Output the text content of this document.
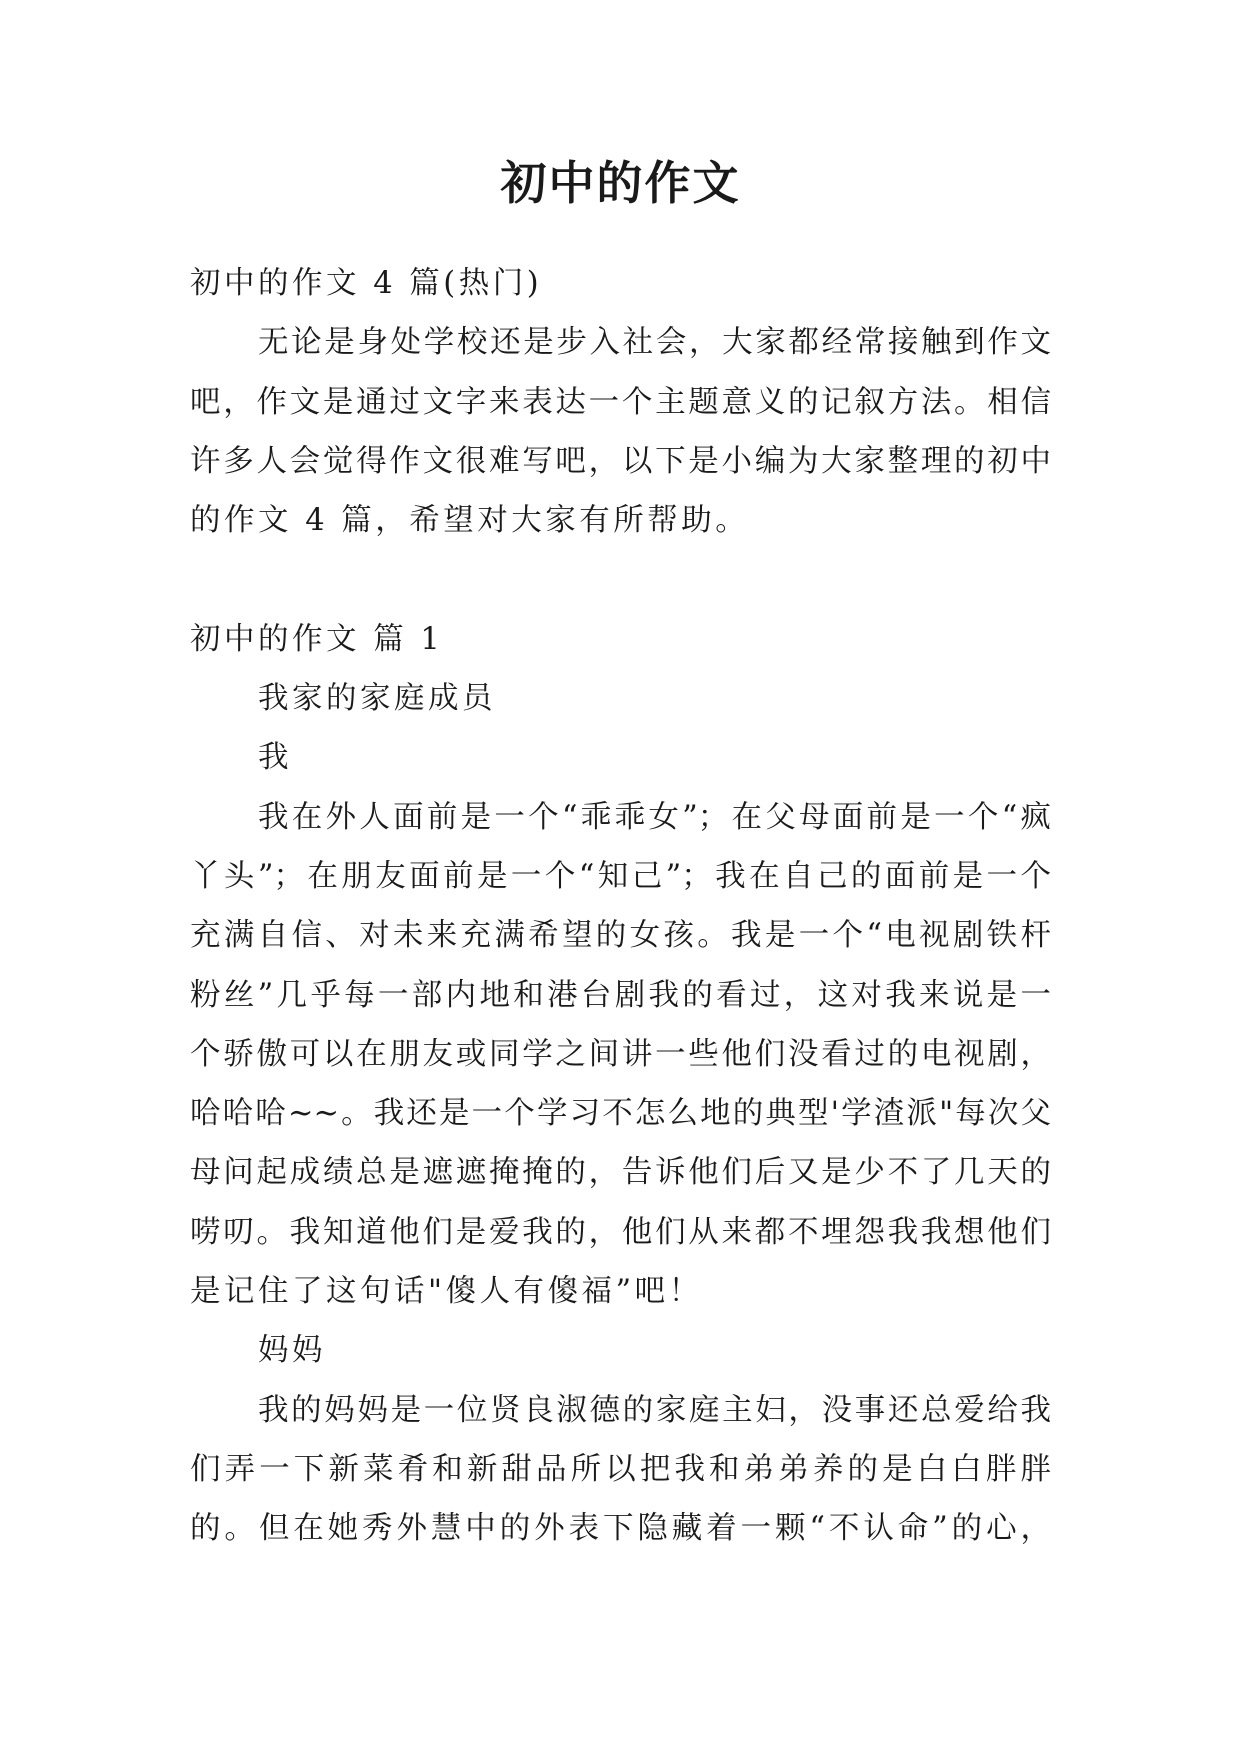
初中的作文
初中的作文 4 篇(热门)
无论是身处学校还是步入社会，大家都经常接触到作文
吧，作文是通过文字来表达一个主题意义的记叙方法。相信
许多人会觉得作文很难写吧，以下是小编为大家整理的初中
的作文 4 篇，希望对大家有所帮助。
初中的作文 篇 1
我家的家庭成员
我
我在外人面前是一个“乖乖女”；在父母面前是一个“疯
丫头”；在朋友面前是一个“知己”；我在自己的面前是一个
充满自信、对未来充满希望的女孩。我是一个“电视剧铁杆
粉丝”几乎每一部内地和港台剧我的看过，这对我来说是一
个骄傲可以在朋友或同学之间讲一些他们没看过的电视剧，
哈哈哈~~。我还是一个学习不怎么地的典型'学渣派"每次父
母问起成绩总是遮遮掩掩的，告诉他们后又是少不了几天的
唠叨。我知道他们是爱我的，他们从来都不埋怨我我想他们
是记住了这句话"傻人有傻福”吧！
妈妈
我的妈妈是一位贤良淑德的家庭主妇，没事还总爱给我
们弄一下新菜肴和新甜品所以把我和弟弟养的是白白胖胖
的。但在她秀外慧中的外表下隐藏着一颗“不认命”的心，
